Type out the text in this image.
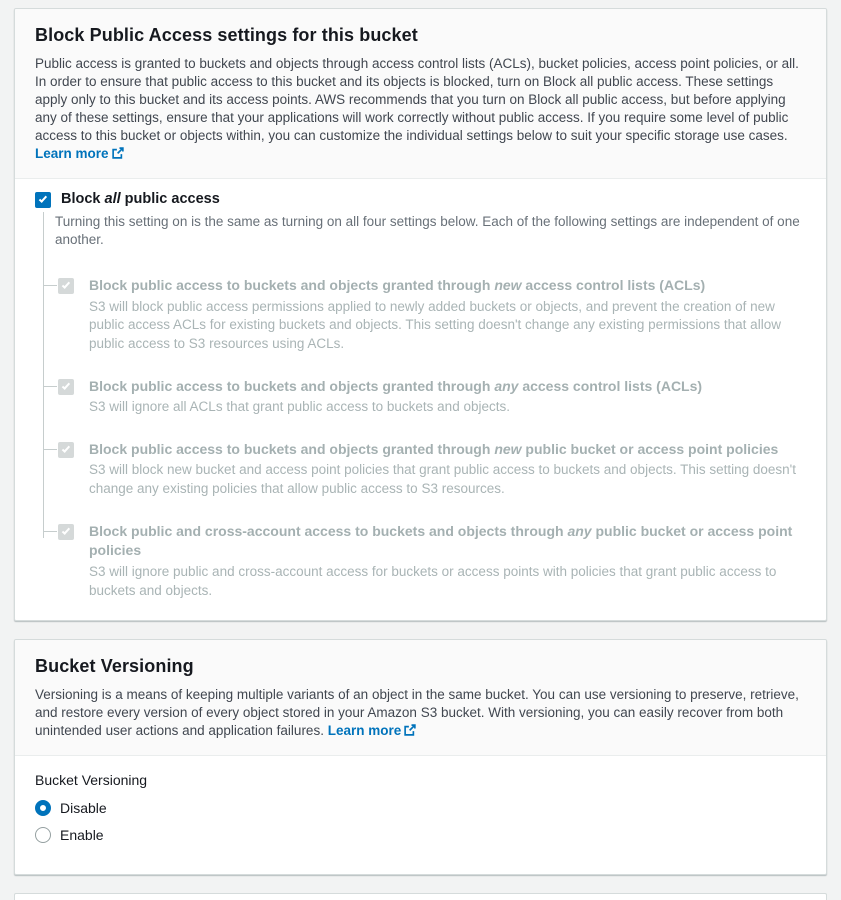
Block Public Access settings for this bucket

Public access is granted to buckets and objects through access control lists (ACLs), bucket policies, access point policies, or all. In order to ensure that public access to this bucket and its objects is blocked, turn on Block all public access. These settings apply only to this bucket and its access points. AWS recommends that you turn on Block all public access, but before applying any of these settings, ensure that your applications will work correctly without public access. If you require some level of public access to this bucket or objects within, you can customize the individual settings below to suit your specific storage use cases. Learn more

Block all public access

Turning this setting on is the same as turning on all four settings below. Each of the following settings are independent of one another.

Block public access to buckets and objects granted through new access control lists (ACLs)
S3 will block public access permissions applied to newly added buckets or objects, and prevent the creation of new public access ACLs for existing buckets and objects. This setting doesn't change any existing permissions that allow public access to S3 resources using ACLs.
Block public access to buckets and objects granted through any access control lists (ACLs)
S3 will ignore all ACLs that grant public access to buckets and objects.
Block public access to buckets and objects granted through new public bucket or access point policies
S3 will block new bucket and access point policies that grant public access to buckets and objects. This setting doesn't change any existing policies that allow public access to S3 resources.
Block public and cross-account access to buckets and objects through any public bucket or access point policies
S3 will ignore public and cross-account access for buckets or access points with policies that grant public access to buckets and objects.
Bucket Versioning

Versioning is a means of keeping multiple variants of an object in the same bucket. You can use versioning to preserve, retrieve, and restore every version of every object stored in your Amazon S3 bucket. With versioning, you can easily recover from both unintended user actions and application failures. Learn more

Bucket Versioning
Disable
Enable
